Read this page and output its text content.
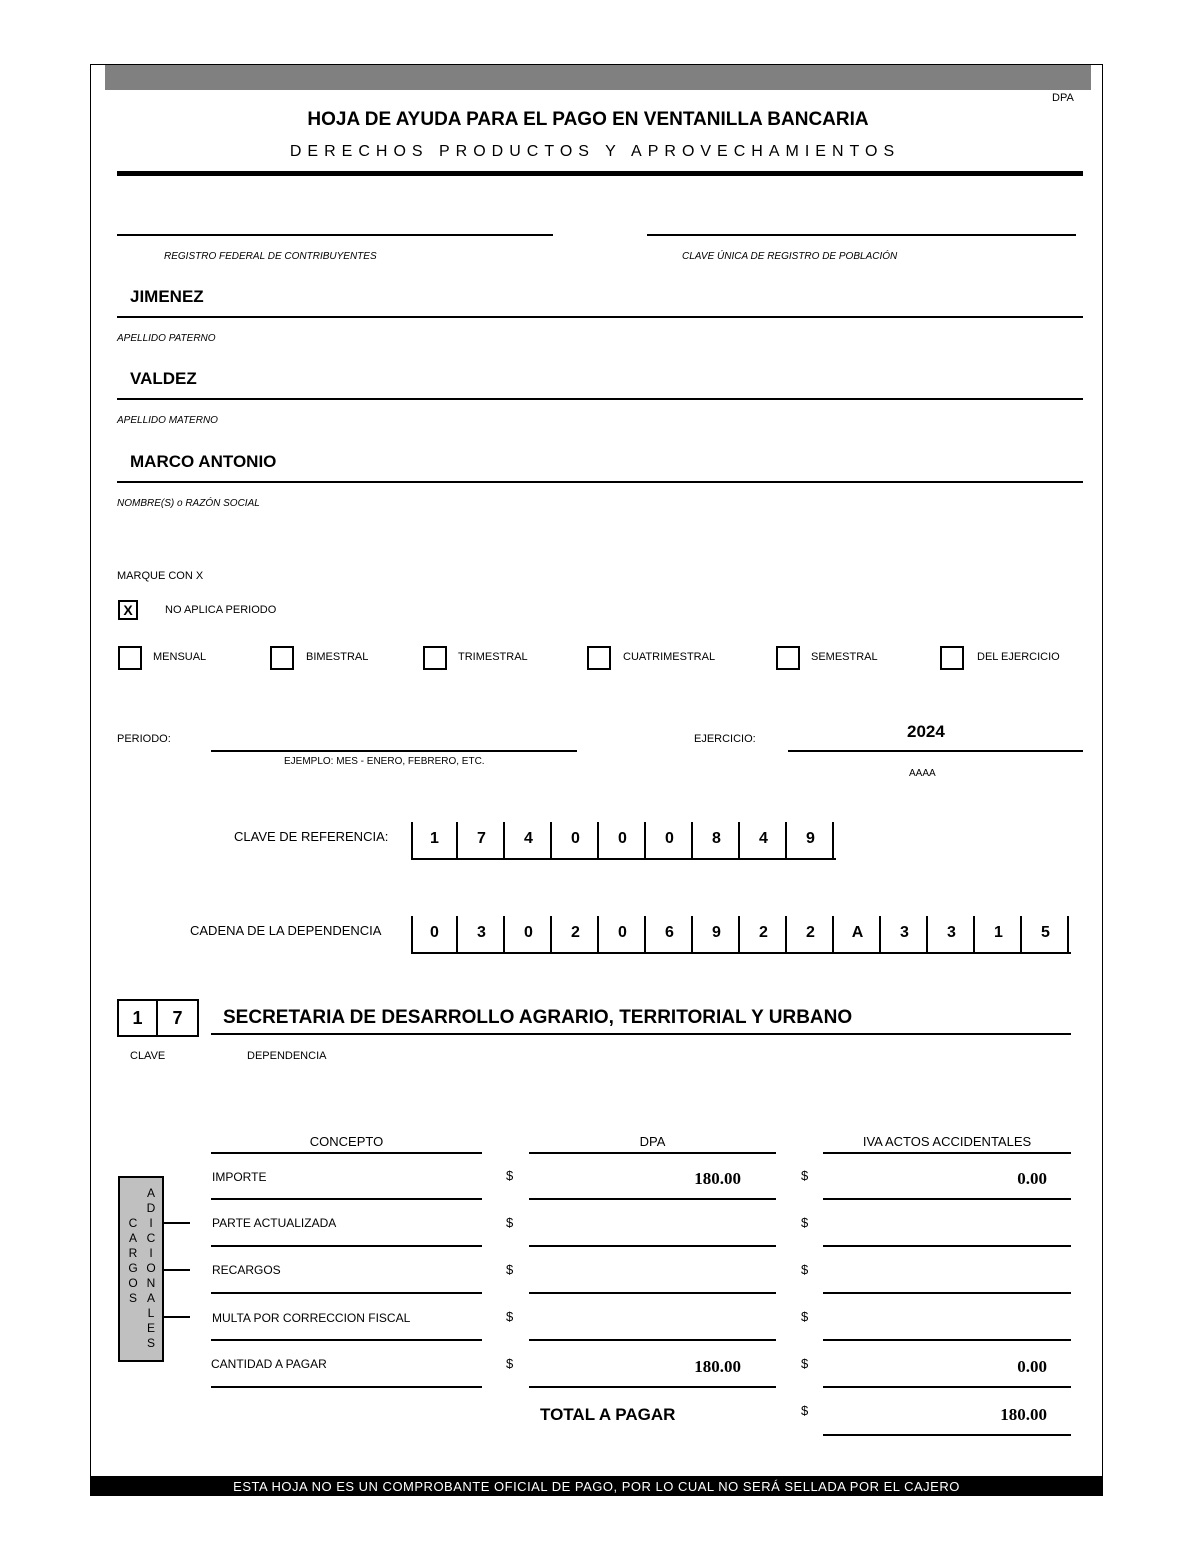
DPA
HOJA DE AYUDA PARA EL PAGO EN VENTANILLA BANCARIA
DERECHOS PRODUCTOS Y APROVECHAMIENTOS
REGISTRO FEDERAL DE CONTRIBUYENTES	CLAVE ÚNICA DE REGISTRO DE POBLACIÓN
JIMENEZ
APELLIDO PATERNO
VALDEZ
APELLIDO MATERNO
MARCO ANTONIO
NOMBRE(S) o RAZÓN SOCIAL
MARQUE CON X
X	NO APLICA PERIODO
MENSUAL	BIMESTRAL	TRIMESTRAL	CUATRIMESTRAL	SEMESTRAL	DEL EJERCICIO
PERIODO:
EJEMPLO: MES - ENERO, FEBRERO, ETC.
EJERCICIO:	2024
AAAA
CLAVE DE REFERENCIA:	1	7	4	0	0	0	8	4	9
CADENA DE LA DEPENDENCIA	0	3	0	2	0	6	9	2	2	A	3	3	1	5
1	7	SECRETARIA DE DESARROLLO AGRARIO, TERRITORIAL Y URBANO
CLAVE	DEPENDENCIA
CONCEPTO	DPA	IVA ACTOS ACCIDENTALES
C
A
R
G
O
S
A
D
I
C
I
O
N
A
L
E
S
IMPORTE	$	180.00	$	0.00
PARTE ACTUALIZADA	$	$
RECARGOS	$	$
MULTA POR CORRECCION FISCAL	$	$
CANTIDAD A PAGAR	$	180.00	$	0.00
TOTAL A PAGAR	$	180.00
ESTA HOJA NO ES UN COMPROBANTE OFICIAL DE PAGO, POR LO CUAL NO SERÁ SELLADA POR EL CAJERO
